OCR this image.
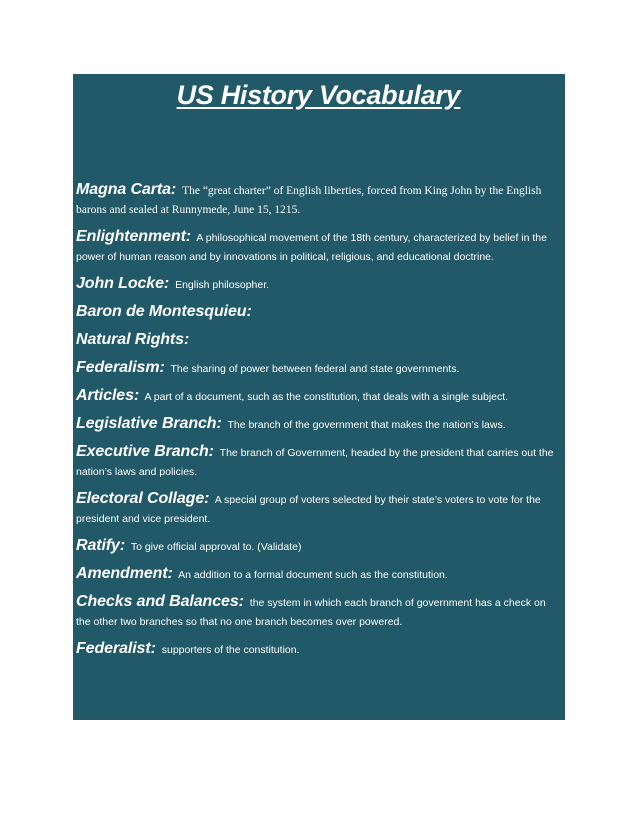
US History Vocabulary

Magna Carta: The “great charter” of English liberties, forced from King John by the English barons and sealed at Runnymede, June 15, 1215.

Enlightenment: A philosophical movement of the 18th century, characterized by belief in the power of human reason and by innovations in political, religious, and educational doctrine.

John Locke: English philosopher.

Baron de Montesquieu:

Natural Rights:

Federalism: The sharing of power between federal and state governments.

Articles: A part of a document, such as the constitution, that deals with a single subject.

Legislative Branch: The branch of the government that makes the nation’s laws.

Executive Branch: The branch of Government, headed by the president that carries out the nation’s laws and policies.

Electoral Collage: A special group of voters selected by their state’s voters to vote for the president and vice president.

Ratify: To give official approval to. (Validate)

Amendment: An addition to a formal document such as the constitution.

Checks and Balances: the system in which each branch of government has a check on the other two branches so that no one branch becomes over powered.

Federalist: supporters of the constitution.
